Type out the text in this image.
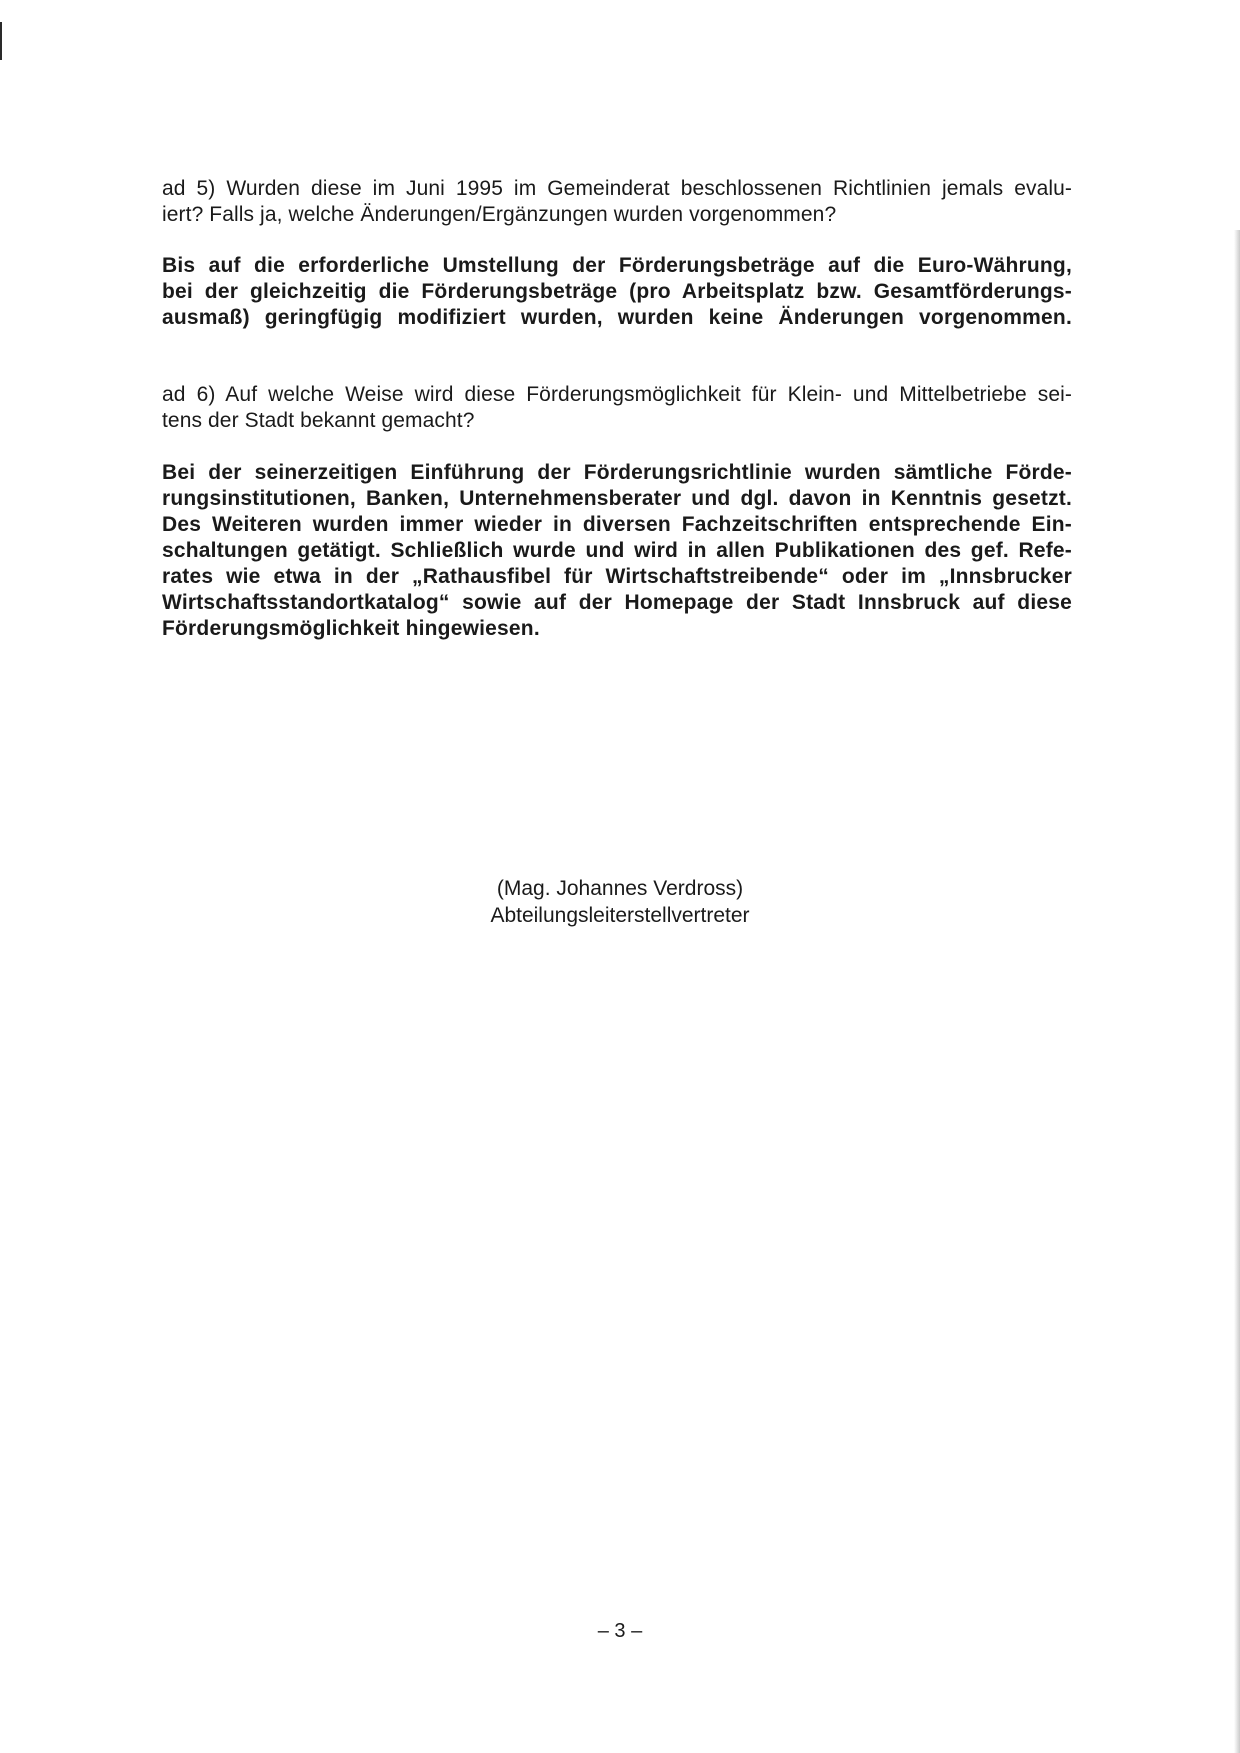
ad 5) Wurden diese im Juni 1995 im Gemeinderat beschlossenen Richtlinien jemals evalu-
iert? Falls ja, welche Änderungen/Ergänzungen wurden vorgenommen?
Bis auf die erforderliche Umstellung der Förderungsbeträge auf die Euro-Währung,
bei der gleichzeitig die Förderungsbeträge (pro Arbeitsplatz bzw. Gesamtförderungs-
ausmaß) geringfügig modifiziert wurden, wurden keine Änderungen vorgenommen.
ad 6) Auf welche Weise wird diese Förderungsmöglichkeit für Klein- und Mittelbetriebe sei-
tens der Stadt bekannt gemacht?
Bei der seinerzeitigen Einführung der Förderungsrichtlinie wurden sämtliche Förde-
rungsinstitutionen, Banken, Unternehmensberater und dgl. davon in Kenntnis gesetzt.
Des Weiteren wurden immer wieder in diversen Fachzeitschriften entsprechende Ein-
schaltungen getätigt. Schließlich wurde und wird in allen Publikationen des gef. Refe-
rates wie etwa in der „Rathausfibel für Wirtschaftstreibende“ oder im „Innsbrucker
Wirtschaftsstandortkatalog“ sowie auf der Homepage der Stadt Innsbruck auf diese
Förderungsmöglichkeit hingewiesen.
(Mag. Johannes Verdross)
Abteilungsleiterstellvertreter
– 3 –
